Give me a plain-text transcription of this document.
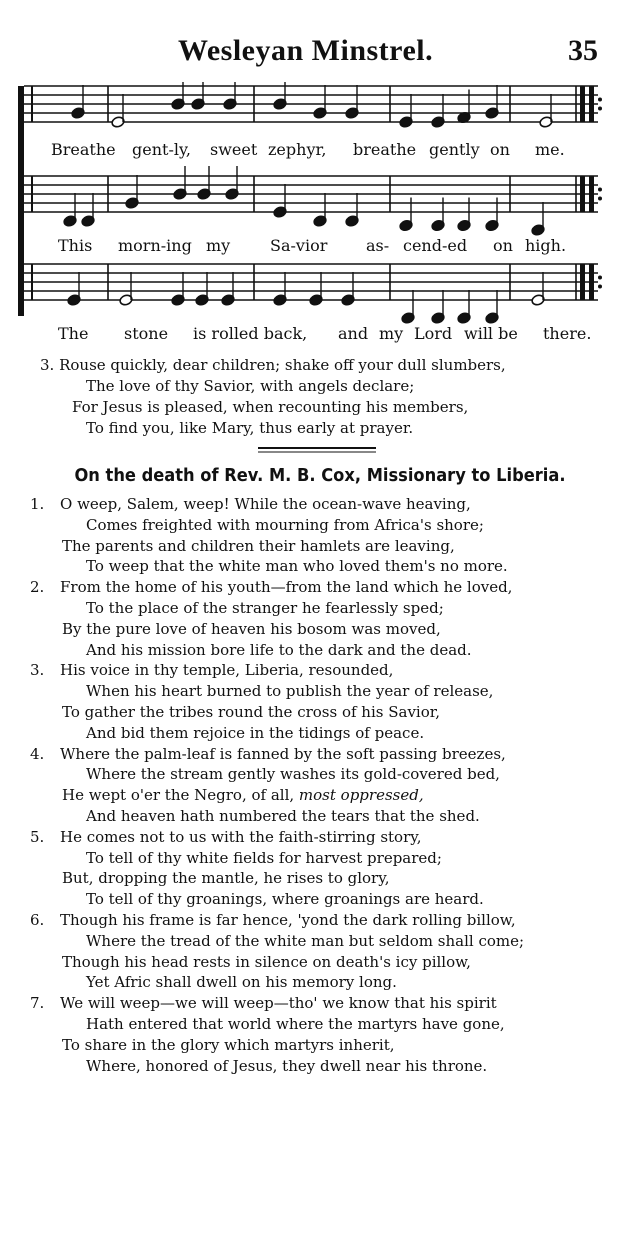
Wesleyan Minstrel.	35
Breathe gent-ly, sweet zephyr, breathe gently on me.
This morn-ing my Sa-vior as- cend-ed on high.
The stone is rolled back, and my Lord will be there.
3. Rouse quickly, dear children; shake off your dull slumbers,
The love of thy Savior, with angels declare;
For Jesus is pleased, when recounting his members,
To find you, like Mary, thus early at prayer.
On the death of Rev. M. B. Cox, Missionary to Liberia.
1.	O weep, Salem, weep! While the ocean-wave heaving,
Comes freighted with mourning from Africa's shore;
The parents and children their hamlets are leaving,
To weep that the white man who loved them's no more.
2.	From the home of his youth—from the land which he loved,
To the place of the stranger he fearlessly sped;
By the pure love of heaven his bosom was moved,
And his mission bore life to the dark and the dead.
3.	His voice in thy temple, Liberia, resounded,
When his heart burned to publish the year of release,
To gather the tribes round the cross of his Savior,
And bid them rejoice in the tidings of peace.
4.	Where the palm-leaf is fanned by the soft passing breezes,
Where the stream gently washes its gold-covered bed,
He wept o'er the Negro, of all, most oppressed,
And heaven hath numbered the tears that the shed.
5.	He comes not to us with the faith-stirring story,
To tell of thy white fields for harvest prepared;
But, dropping the mantle, he rises to glory,
To tell of thy groanings, where groanings are heard.
6.	Though his frame is far hence, 'yond the dark rolling billow,
Where the tread of the white man but seldom shall come;
Though his head rests in silence on death's icy pillow,
Yet Afric shall dwell on his memory long.
7.	We will weep—we will weep—tho' we know that his spirit
Hath entered that world where the martyrs have gone,
To share in the glory which martyrs inherit,
Where, honored of Jesus, they dwell near his throne.
